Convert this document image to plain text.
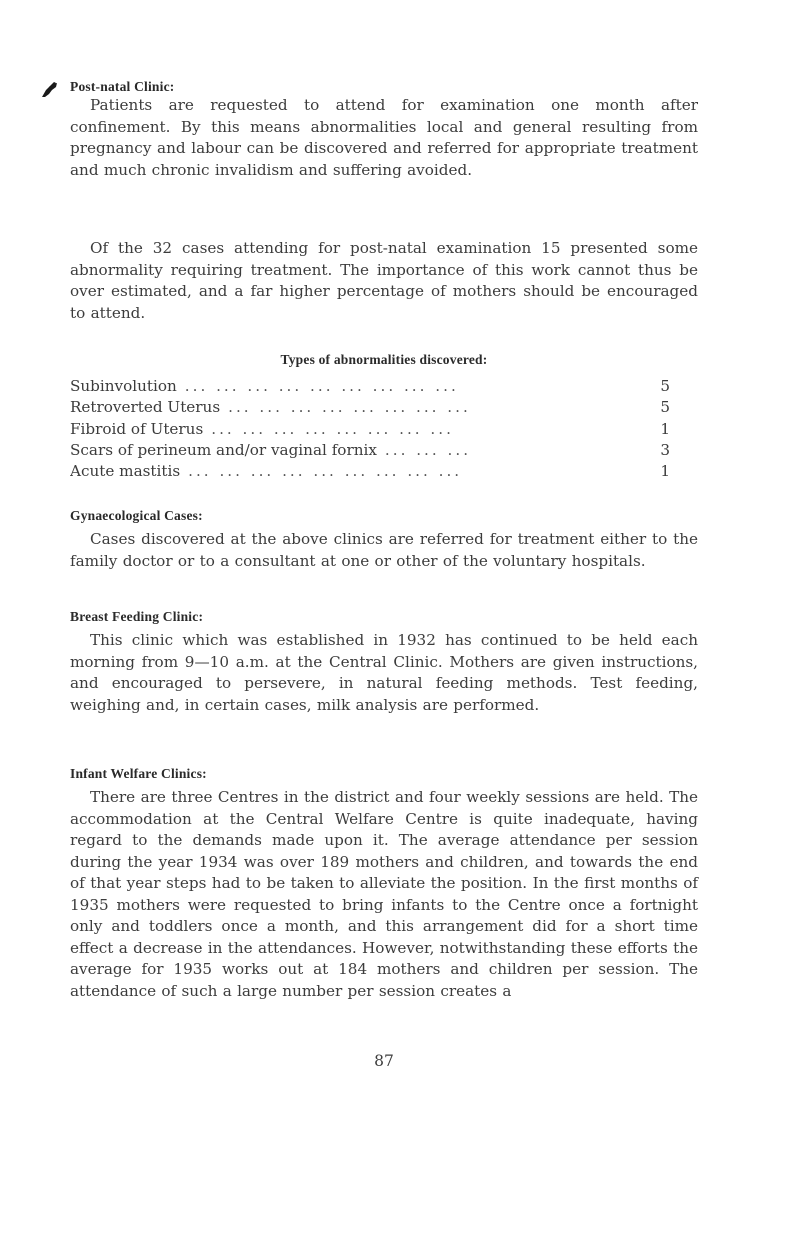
Post-natal Clinic:

Patients are requested to attend for examination one month after confinement. By this means abnormalities local and general resulting from pregnancy and labour can be discovered and referred for appropriate treatment and much chronic invalidism and suffering avoided.

Of the 32 cases attending for post-natal examination 15 presented some abnormality requiring treatment. The importance of this work cannot thus be over estimated, and a far higher percentage of mothers should be encouraged to attend.

Types of abnormalities discovered:
Subinvolution ... ... ... ... ... ... ... ... ...	5
Retroverted Uterus ... ... ... ... ... ... ... ...	5
Fibroid of Uterus ... ... ... ... ... ... ... ...	1
Scars of perineum and/or vaginal fornix ... ... ...	3
Acute mastitis ... ... ... ... ... ... ... ... ...	1
Gynaecological Cases:

Cases discovered at the above clinics are referred for treatment either to the family doctor or to a consultant at one or other of the voluntary hospitals.

Breast Feeding Clinic:

This clinic which was established in 1932 has continued to be held each morning from 9—10 a.m. at the Central Clinic. Mothers are given instructions, and encouraged to persevere, in natural feeding methods. Test feeding, weighing and, in certain cases, milk analysis are performed.

Infant Welfare Clinics:

There are three Centres in the district and four weekly sessions are held. The accommodation at the Central Welfare Centre is quite inadequate, having regard to the demands made upon it. The average attendance per session during the year 1934 was over 189 mothers and children, and towards the end of that year steps had to be taken to alleviate the position. In the first months of 1935 mothers were requested to bring infants to the Centre once a fortnight only and toddlers once a month, and this arrangement did for a short time effect a decrease in the attendances. However, notwithstanding these efforts the average for 1935 works out at 184 mothers and children per session. The attendance of such a large number per session creates a

87
